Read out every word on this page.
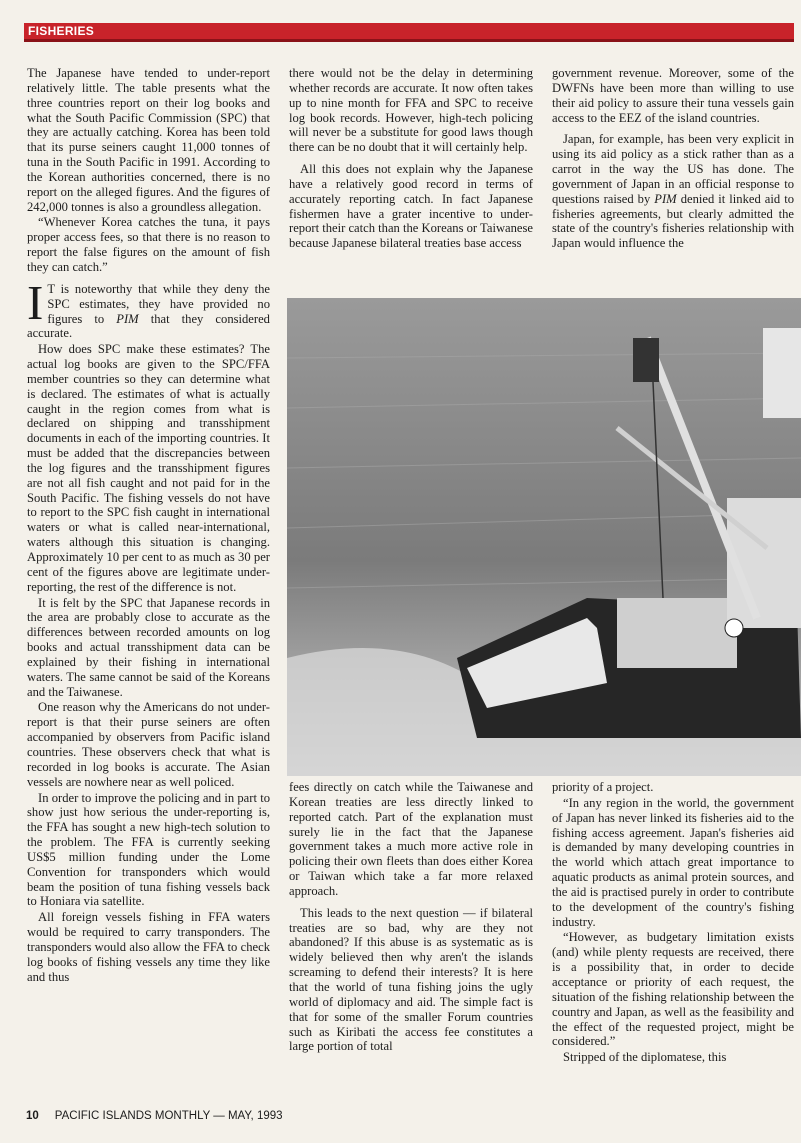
FISHERIES

The Japanese have tended to under-report relatively little. The table presents what the three countries report on their log books and what the South Pacific Commission (SPC) that they are actually catching. Korea has been told that its purse seiners caught 11,000 tonnes of tuna in the South Pacific in 1991. According to the Korean authorities concerned, there is no report on the alleged figures. And the figures of 242,000 tonnes is also a groundless allegation.

“Whenever Korea catches the tuna, it pays proper access fees, so that there is no reason to report the false figures on the amount of fish they can catch.”

I T is noteworthy that while they deny the SPC estimates, they have provided no figures to PIM that they considered accurate.

How does SPC make these estimates? The actual log books are given to the SPC/FFA member countries so they can determine what is declared. The estimates of what is actually caught in the region comes from what is declared on shipping and transshipment documents in each of the importing countries. It must be added that the discrepancies between the log figures and the transshipment figures are not all fish caught and not paid for in the South Pacific. The fishing vessels do not have to report to the SPC fish caught in international waters or what is called near-international, waters although this situation is changing. Approximately 10 per cent to as much as 30 per cent of the figures above are legitimate under-reporting, the rest of the difference is not.

It is felt by the SPC that Japanese records in the area are probably close to accurate as the differences between recorded amounts on log books and actual transshipment data can be explained by their fishing in international waters. The same cannot be said of the Koreans and the Taiwanese.

One reason why the Americans do not under-report is that their purse seiners are often accompanied by observers from Pacific island countries. These observers check that what is recorded in log books is accurate. The Asian vessels are nowhere near as well policed.

In order to improve the policing and in part to show just how serious the under-reporting is, the FFA has sought a new high-tech solution to the problem. The FFA is currently seeking US$5 million funding under the Lome Convention for transponders which would beam the position of tuna fishing vessels back to Honiara via satellite.

All foreign vessels fishing in FFA waters would be required to carry transponders. The transponders would also allow the FFA to check log books of fishing vessels any time they like and thus

there would not be the delay in determining whether records are accurate. It now often takes up to nine month for FFA and SPC to receive log book records. However, high-tech policing will never be a substitute for good laws though there can be no doubt that it will certainly help.

All this does not explain why the Japanese have a relatively good record in terms of accurately reporting catch. In fact Japanese fishermen have a grater incentive to under-report their catch than the Koreans or Taiwanese because Japanese bilateral treaties base access

government revenue. Moreover, some of the DWFNs have been more than willing to use their aid policy to assure their tuna vessels gain access to the EEZ of the island countries.

Japan, for example, has been very explicit in using its aid policy as a stick rather than as a carrot in the way the US has done. The government of Japan in an official response to questions raised by PIM denied it linked aid to fisheries agreements, but clearly admitted the state of the country's fisheries relationship with Japan would influence the

fees directly on catch while the Taiwanese and Korean treaties are less directly linked to reported catch. Part of the explanation must surely lie in the fact that the Japanese government takes a much more active role in policing their own fleets than does either Korea or Taiwan which take a far more relaxed approach.

This leads to the next question — if bilateral treaties are so bad, why are they not abandoned? If this abuse is as systematic as is widely believed then why aren't the islands screaming to defend their interests? It is here that the world of tuna fishing joins the ugly world of diplomacy and aid. The simple fact is that for some of the smaller Forum countries such as Kiribati the access fee constitutes a large portion of total

priority of a project.

“In any region in the world, the government of Japan has never linked its fisheries aid to the fishing access agreement. Japan's fisheries aid is demanded by many developing countries in the world which attach great importance to aquatic products as animal protein sources, and the aid is practised purely in order to contribute to the development of the country's fishing industry.

“However, as budgetary limitation exists (and) while plenty requests are received, there is a possibility that, in order to decide acceptance or priority of each request, the situation of the fishing relationship between the country and Japan, as well as the feasibility and the effect of the requested project, might be considered.”

Stripped of the diplomatese, this

10 PACIFIC ISLANDS MONTHLY — MAY, 1993
